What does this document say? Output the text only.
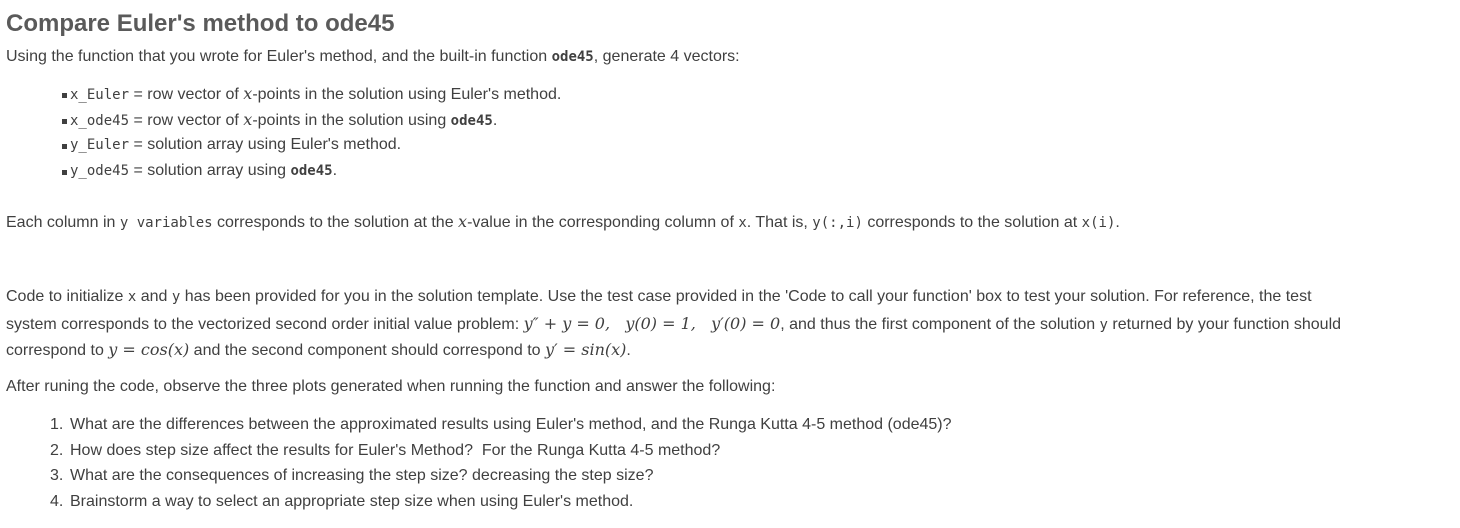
Compare Euler's method to ode45
Using the function that you wrote for Euler's method, and the built-in function ode45, generate 4 vectors:
x_Euler = row vector of x-points in the solution using Euler's method.
x_ode45 = row vector of x-points in the solution using ode45.
y_Euler = solution array using Euler's method.
y_ode45 = solution array using ode45.
Each column in y variables corresponds to the solution at the x-value in the corresponding column of x. That is, y(:,i) corresponds to the solution at x(i).
Code to initialize x and y has been provided for you in the solution template. Use the test case provided in the 'Code to call your function' box to test your solution. For reference, the test
system corresponds to the vectorized second order initial value problem: y″ + y = 0,   y(0) = 1,   y′(0) = 0, and thus the first component of the solution y returned by your function should
correspond to y = cos(x) and the second component should correspond to y′ = sin(x).
After runing the code, observe the three plots generated when running the function and answer the following:
1. What are the differences between the approximated results using Euler's method, and the Runga Kutta 4-5 method (ode45)?
2. How does step size affect the results for Euler's Method?  For the Runga Kutta 4-5 method?
3. What are the consequences of increasing the step size? decreasing the step size?
4. Brainstorm a way to select an appropriate step size when using Euler's method.
